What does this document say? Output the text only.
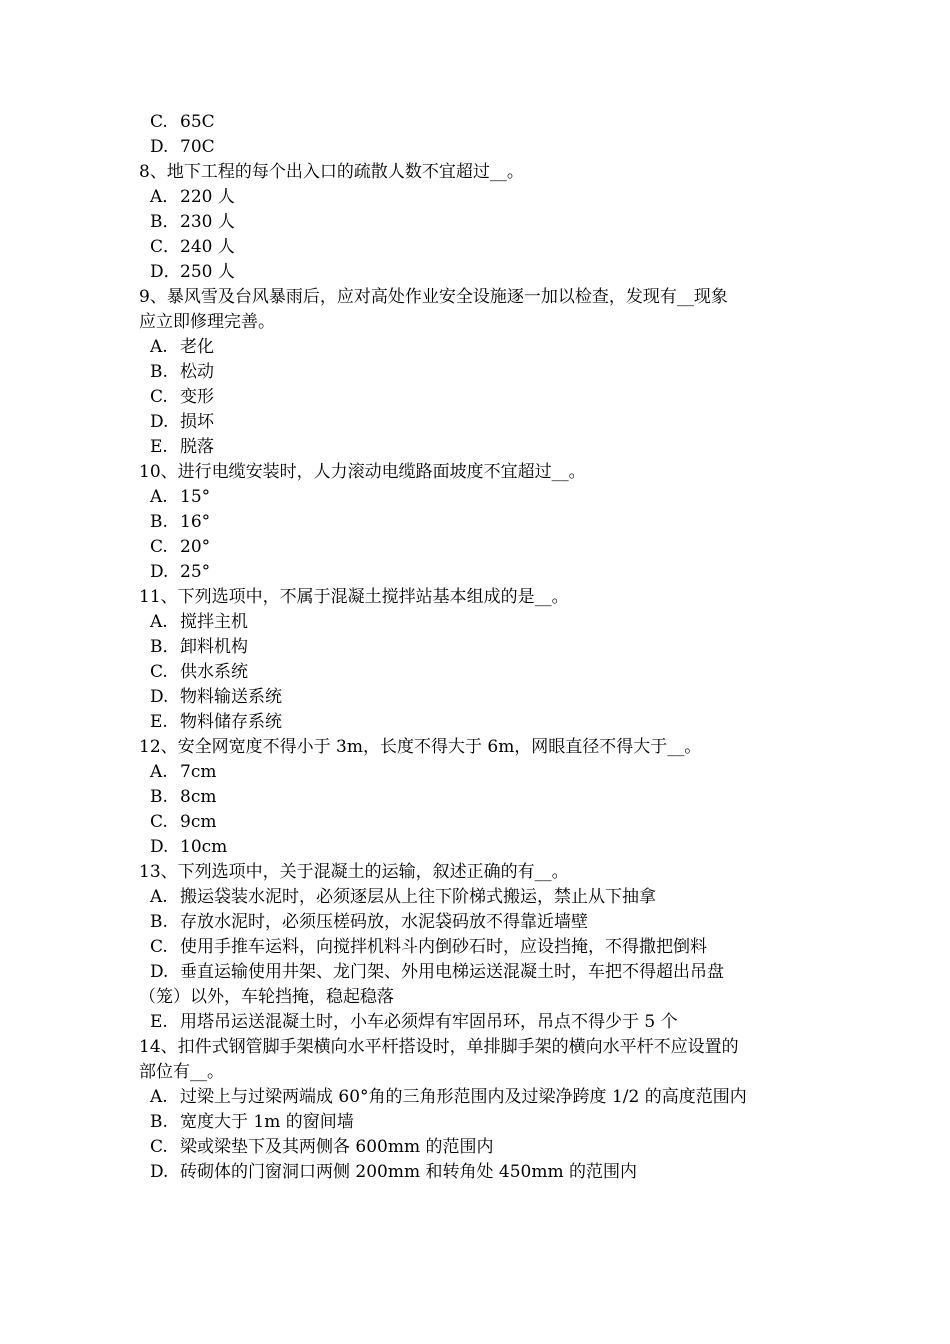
C. 65C
D. 70C
8、地下工程的每个出入口的疏散人数不宜超过__。
A．220 人
B．230 人
C．240 人
D．250 人
9、暴风雪及台风暴雨后，应对高处作业安全设施逐一加以检查，发现有__现象
应立即修理完善。
A. 老化
B. 松动
C. 变形
D. 损坏
E. 脱落
10、进行电缆安装时，人力滚动电缆路面坡度不宜超过__。
A. 15°
B. 16°
C. 20°
D. 25°
11、下列选项中，不属于混凝土搅拌站基本组成的是__。
A. 搅拌主机
B．卸料机构
C. 供水系统
D. 物料输送系统
E. 物料储存系统
12、安全网宽度不得小于 3m，长度不得大于 6m，网眼直径不得大于__。
A. 7cm
B. 8cm
C. 9cm
D. 10cm
13、下列选项中，关于混凝土的运输，叙述正确的有__。
A. 搬运袋装水泥时，必须逐层从上往下阶梯式搬运，禁止从下抽拿
B. 存放水泥时，必须压槎码放，水泥袋码放不得靠近墙壁
C. 使用手推车运料，向搅拌机料斗内倒砂石时，应设挡掩，不得撒把倒料
D. 垂直运输使用井架、龙门架、外用电梯运送混凝土时，车把不得超出吊盘
（笼）以外，车轮挡掩，稳起稳落
E. 用塔吊运送混凝土时，小车必须焊有牢固吊环，吊点不得少于 5 个
14、扣件式钢管脚手架横向水平杆搭设时，单排脚手架的横向水平杆不应设置的
部位有__。
A. 过梁上与过梁两端成 60°角的三角形范围内及过梁净跨度 1/2 的高度范围内
B. 宽度大于 1m 的窗间墙
C. 梁或梁垫下及其两侧各 600mm 的范围内
D. 砖砌体的门窗洞口两侧 200mm 和转角处 450mm 的范围内
